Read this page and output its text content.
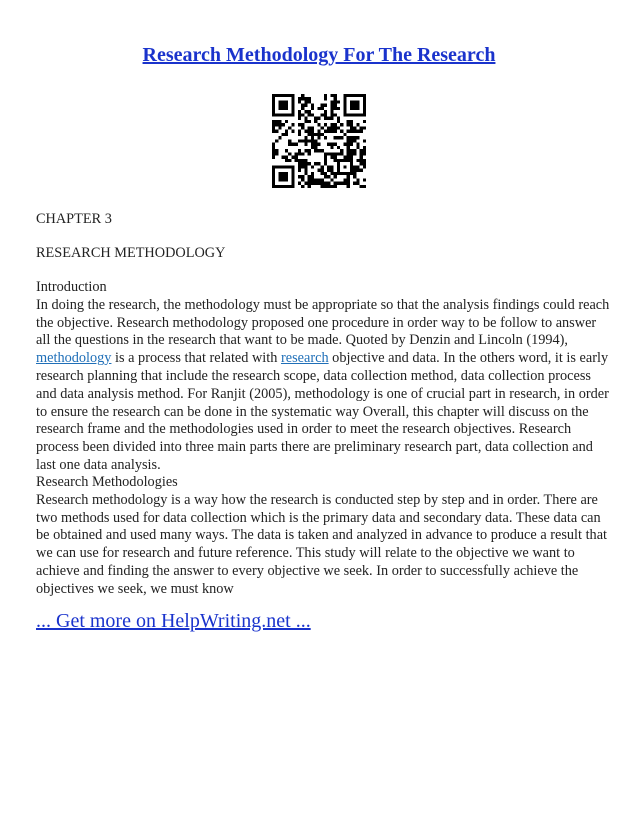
Research Methodology For The Research

CHAPTER 3

RESEARCH METHODOLOGY

Introduction

In doing the research, the methodology must be appropriate so that the analysis findings could reach

the objective. Research methodology proposed one procedure in order way to be follow to answer

all the questions in the research that want to be made. Quoted by Denzin and Lincoln (1994),

methodology is a process that related with research objective and data. In the others word, it is early

research planning that include the research scope, data collection method, data collection process

and data analysis method. For Ranjit (2005), methodology is one of crucial part in research, in order

to ensure the research can be done in the systematic way Overall, this chapter will discuss on the

research frame and the methodologies used in order to meet the research objectives. Research

process been divided into three main parts there are preliminary research part, data collection and

last one data analysis.

Research Methodologies

Research methodology is a way how the research is conducted step by step and in order. There are

two methods used for data collection which is the primary data and secondary data. These data can

be obtained and used many ways. The data is taken and analyzed in advance to produce a result that

we can use for research and future reference. This study will relate to the objective we want to

achieve and finding the answer to every objective we seek. In order to successfully achieve the

objectives we seek, we must know

... Get more on HelpWriting.net ...
